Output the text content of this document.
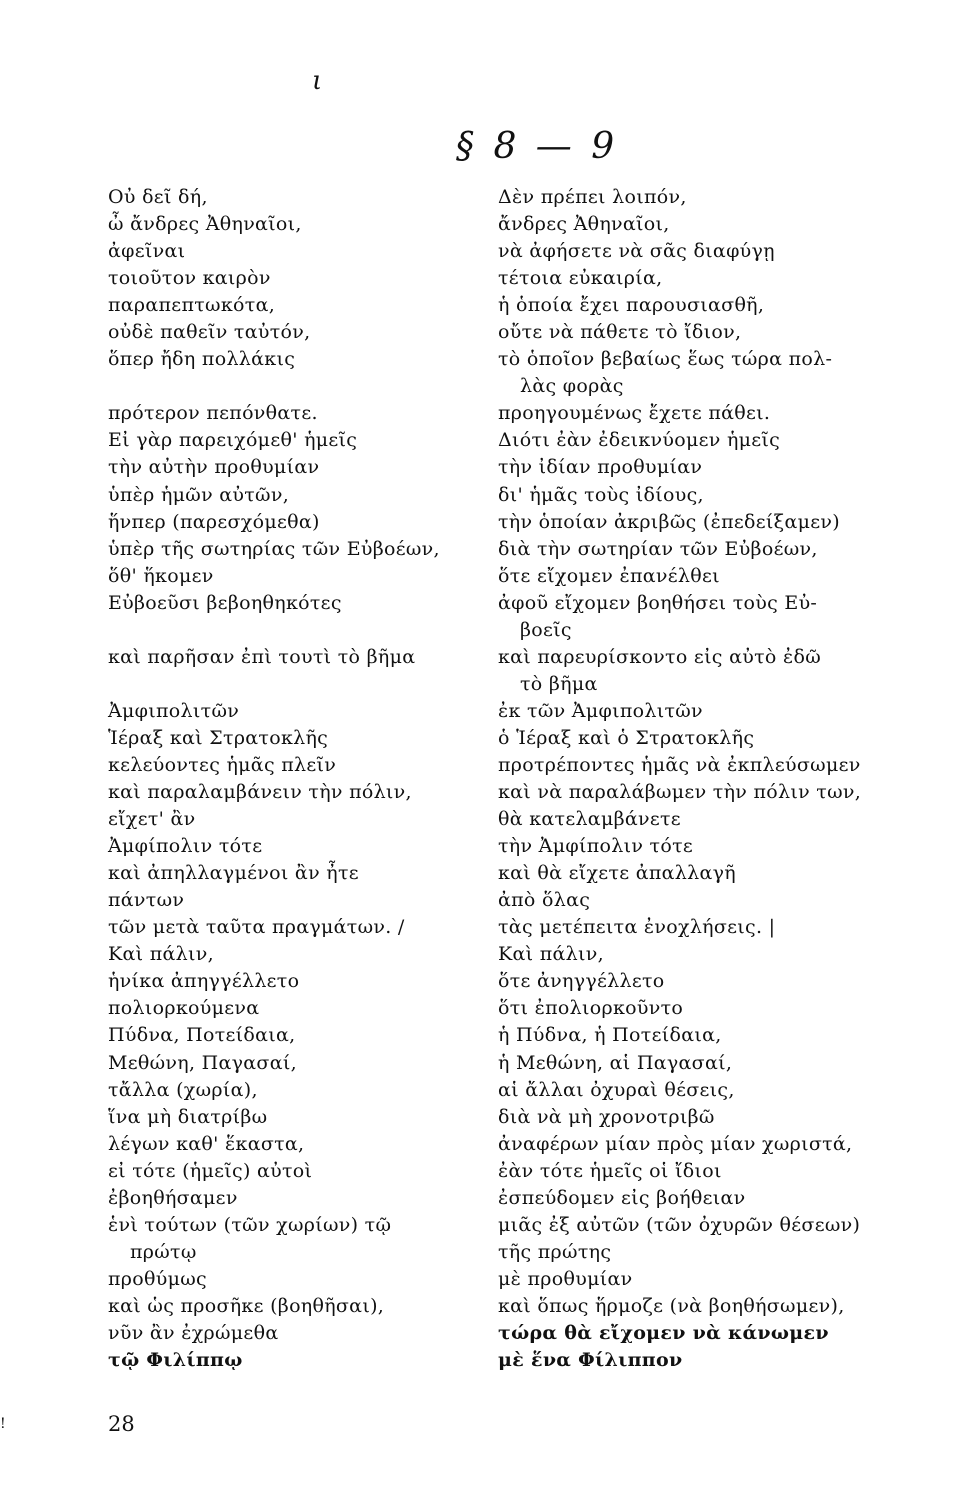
ι
§ 8 — 9
Οὐ δεῖ δή,
ὦ ἄνδρες Ἀθηναῖοι,
ἀφεῖναι
τοιοῦτον καιρὸν
παραπεπτωκότα,
οὐδὲ παθεῖν ταὐτόν,
ὅπερ ἤδη πολλάκις
πρότερον πεπόνθατε.
Εἰ γὰρ παρειχόμεθ' ἡμεῖς
τὴν αὐτὴν προθυμίαν
ὑπὲρ ἡμῶν αὐτῶν,
ἥνπερ (παρεσχόμεθα)
ὑπὲρ τῆς σωτηρίας τῶν Εὐβοέων,
ὅθ' ἥκομεν
Εὐβοεῦσι βεβοηθηκότες
καὶ παρῆσαν ἐπὶ τουτὶ τὸ βῆμα
Ἀμφιπολιτῶν
Ἱέραξ καὶ Στρατοκλῆς
κελεύοντες ἡμᾶς πλεῖν
καὶ παραλαμβάνειν τὴν πόλιν,
εἴχετ' ἂν
Ἀμφίπολιν τότε
καὶ ἀπηλλαγμένοι ἂν ἦτε
πάντων
τῶν μετὰ ταῦτα πραγμάτων. /
Καὶ πάλιν,
ἡνίκα ἀπηγγέλλετο
πολιορκούμενα
Πύδνα, Ποτείδαια,
Μεθώνη, Παγασαί,
τἄλλα (χωρία),
ἵνα μὴ διατρίβω
λέγων καθ' ἕκαστα,
εἰ τότε (ἡμεῖς) αὐτοὶ
ἐβοηθήσαμεν
ἑνὶ τούτων (τῶν χωρίων) τῷ
πρώτῳ
προθύμως
καὶ ὡς προσῆκε (βοηθῆσαι),
νῦν ἂν ἐχρώμεθα
τῷ Φιλίππῳ
Δὲν πρέπει λοιπόν,
ἄνδρες Ἀθηναῖοι,
νὰ ἀφήσετε νὰ σᾶς διαφύγῃ
τέτοια εὐκαιρία,
ἡ ὁποία ἔχει παρουσιασθῆ,
οὔτε νὰ πάθετε τὸ ἴδιον,
τὸ ὁποῖον βεβαίως ἕως τώρα πολ-
λὰς φορὰς
προηγουμένως ἔχετε πάθει.
Διότι ἐὰν ἐδεικνύομεν ἡμεῖς
τὴν ἰδίαν προθυμίαν
δι' ἡμᾶς τοὺς ἰδίους,
τὴν ὁποίαν ἀκριβῶς (ἐπεδείξαμεν)
διὰ τὴν σωτηρίαν τῶν Εὐβοέων,
ὅτε εἴχομεν ἐπανέλθει
ἀφοῦ εἴχομεν βοηθήσει τοὺς Εὐ-
βοεῖς
καὶ παρευρίσκοντο εἰς αὐτὸ ἐδῶ
τὸ βῆμα
ἐκ τῶν Ἀμφιπολιτῶν
ὁ Ἱέραξ καὶ ὁ Στρατοκλῆς
προτρέποντες ἡμᾶς νὰ ἐκπλεύσωμεν
καὶ νὰ παραλάβωμεν τὴν πόλιν των,
θὰ κατελαμβάνετε
τὴν Ἀμφίπολιν τότε
καὶ θὰ εἴχετε ἀπαλλαγῆ
ἀπὸ ὅλας
τὰς μετέπειτα ἐνοχλήσεις. |
Καὶ πάλιν,
ὅτε ἀνηγγέλλετο
ὅτι ἐπολιορκοῦντο
ἡ Πύδνα, ἡ Ποτείδαια,
ἡ Μεθώνη, αἱ Παγασαί,
αἱ ἄλλαι ὀχυραὶ θέσεις,
διὰ νὰ μὴ χρονοτριβῶ
ἀναφέρων μίαν πρὸς μίαν χωριστά,
ἐὰν τότε ἡμεῖς οἱ ἴδιοι
ἐσπεύδομεν εἰς βοήθειαν
μιᾶς ἐξ αὐτῶν (τῶν ὀχυρῶν θέσεων)
τῆς πρώτης
μὲ προθυμίαν
καὶ ὅπως ἥρμοζε (νὰ βοηθήσωμεν),
τώρα θὰ εἴχομεν νὰ κάνωμεν
μὲ ἕνα Φίλιππον
28
!
